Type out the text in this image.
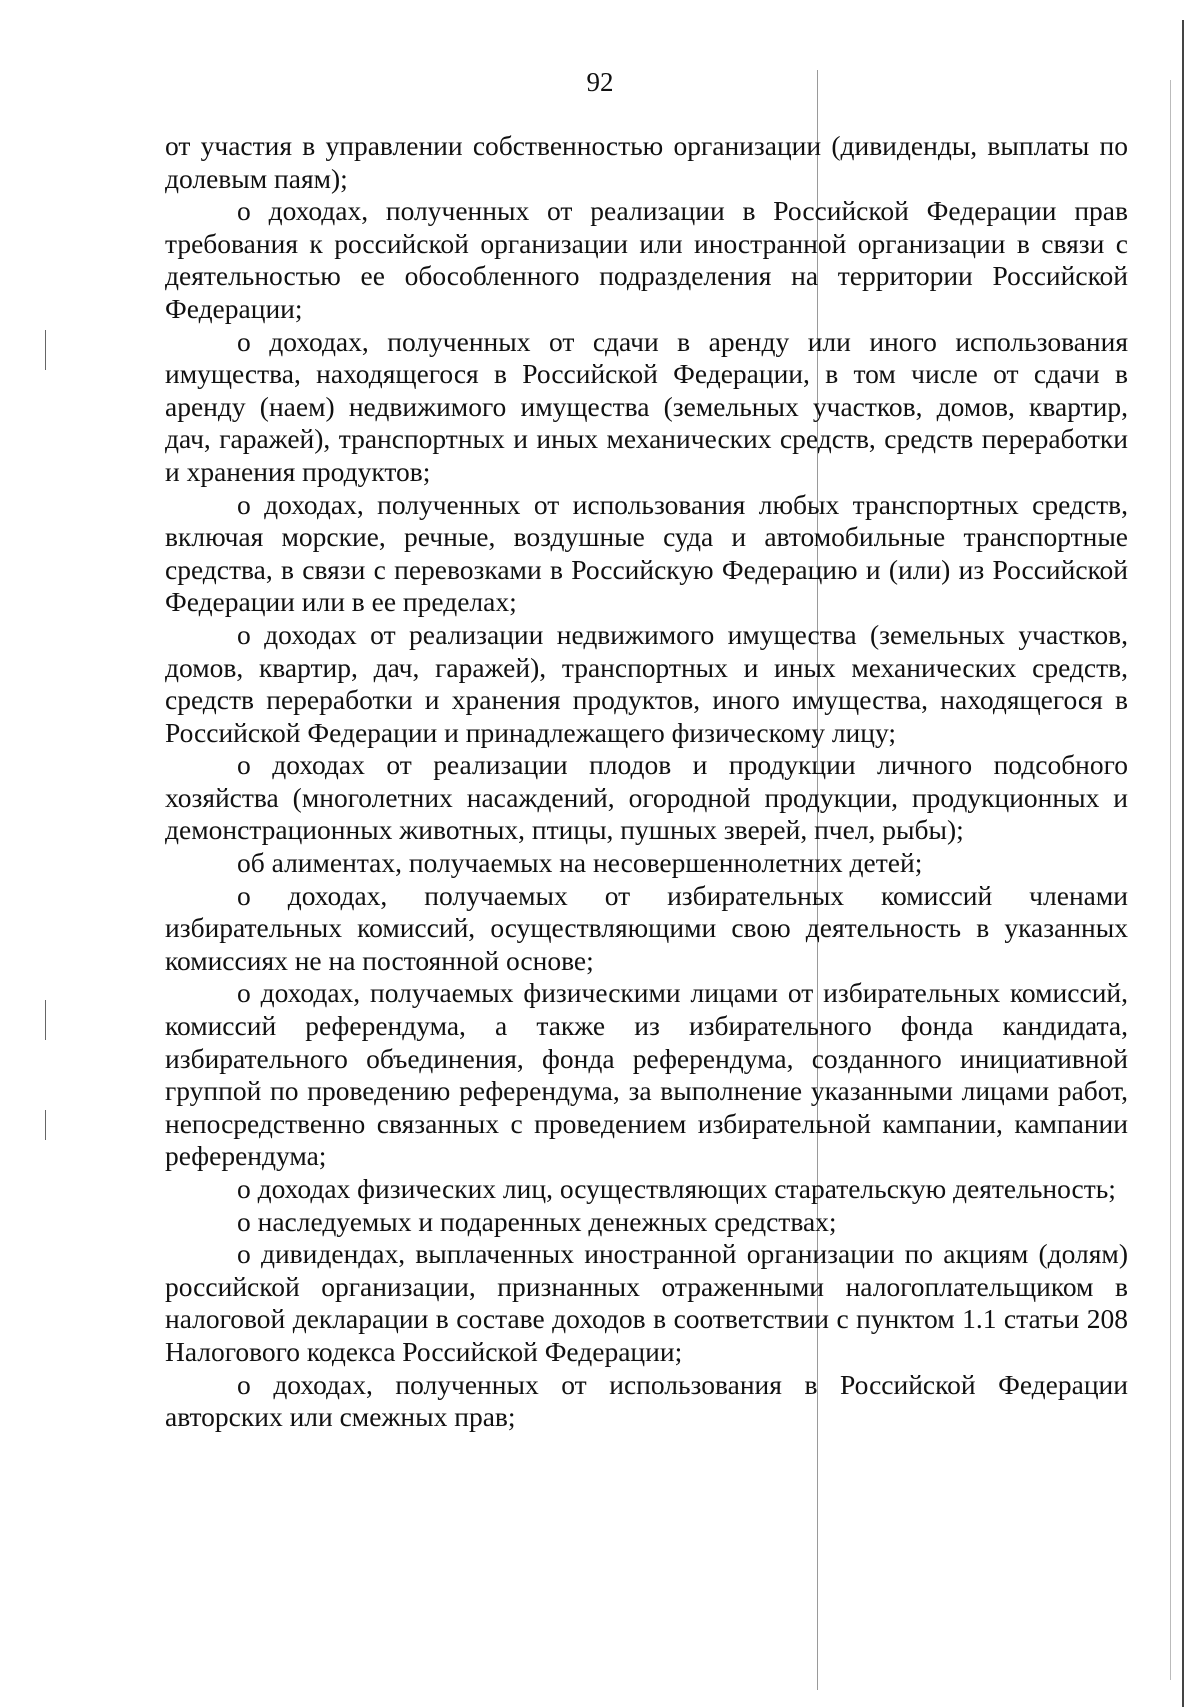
92

от участия в управлении собственностью организации (дивиденды, выплаты по долевым паям);

о доходах, полученных от реализации в Российской Федерации прав требования к российской организации или иностранной организации в связи с деятельностью ее обособленного подразделения на территории Российской Федерации;

о доходах, полученных от сдачи в аренду или иного использования имущества, находящегося в Российской Федерации, в том числе от сдачи в аренду (наем) недвижимого имущества (земельных участков, домов, квартир, дач, гаражей), транспортных и иных механических средств, средств переработки и хранения продуктов;

о доходах, полученных от использования любых транспортных средств, включая морские, речные, воздушные суда и автомобильные транспортные средства, в связи с перевозками в Российскую Федерацию и (или) из Российской Федерации или в ее пределах;

о доходах от реализации недвижимого имущества (земельных участков, домов, квартир, дач, гаражей), транспортных и иных механических средств, средств переработки и хранения продуктов, иного имущества, находящегося в Российской Федерации и принадлежащего физическому лицу;

о доходах от реализации плодов и продукции личного подсобного хозяйства (многолетних насаждений, огородной продукции, продукционных и демонстрационных животных, птицы, пушных зверей, пчел, рыбы);

об алиментах, получаемых на несовершеннолетних детей;

о доходах, получаемых от избирательных комиссий членами избирательных комиссий, осуществляющими свою деятельность в указанных комиссиях не на постоянной основе;

о доходах, получаемых физическими лицами от избирательных комиссий, комиссий референдума, а также из избирательного фонда кандидата, избирательного объединения, фонда референдума, созданного инициативной группой по проведению референдума, за выполнение указанными лицами работ, непосредственно связанных с проведением избирательной кампании, кампании референдума;

о доходах физических лиц, осуществляющих старательскую деятельность;

о наследуемых и подаренных денежных средствах;

о дивидендах, выплаченных иностранной организации по акциям (долям) российской организации, признанных отраженными налогоплательщиком в налоговой декларации в составе доходов в соответствии с пунктом 1.1 статьи 208 Налогового кодекса Российской Федерации;

о доходах, полученных от использования в Российской Федерации авторских или смежных прав;
